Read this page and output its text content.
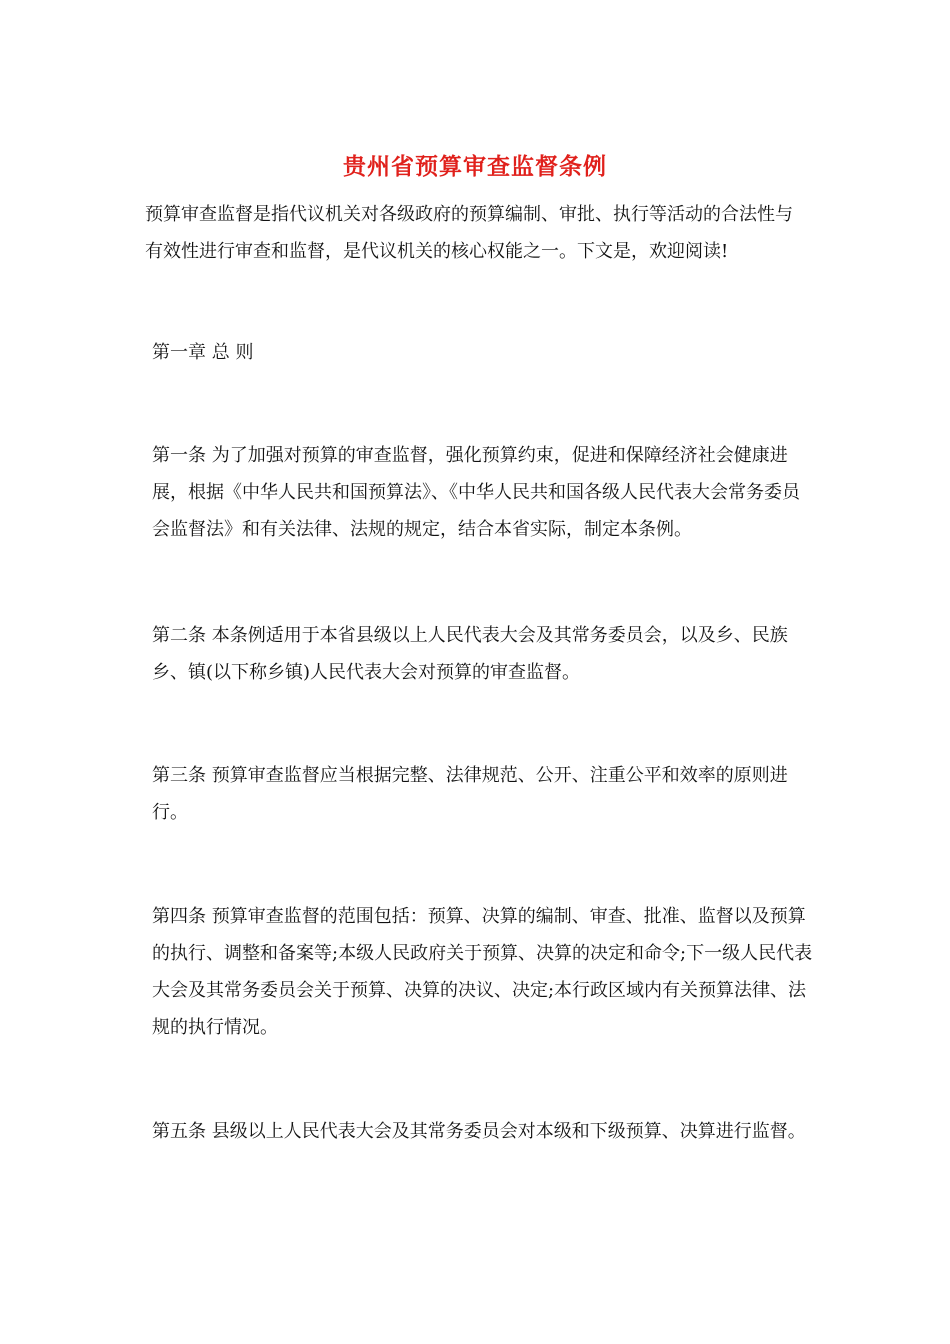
贵州省预算审查监督条例

预算审查监督是指代议机关对各级政府的预算编制、审批、执行等活动的合法性与有效性进行审查和监督，是代议机关的核心权能之一。下文是，欢迎阅读!

第一章 总 则

第一条 为了加强对预算的审查监督，强化预算约束，促进和保障经济社会健康进展，根据《中华人民共和国预算法》、《中华人民共和国各级人民代表大会常务委员会监督法》和有关法律、法规的规定，结合本省实际，制定本条例。

第二条 本条例适用于本省县级以上人民代表大会及其常务委员会，以及乡、民族乡、镇(以下称乡镇)人民代表大会对预算的审查监督。

第三条 预算审查监督应当根据完整、法律规范、公开、注重公平和效率的原则进行。

第四条 预算审查监督的范围包括：预算、决算的编制、审查、批准、监督以及预算的执行、调整和备案等;本级人民政府关于预算、决算的决定和命令;下一级人民代表大会及其常务委员会关于预算、决算的决议、决定;本行政区域内有关预算法律、法规的执行情况。

第五条 县级以上人民代表大会及其常务委员会对本级和下级预算、决算进行监督。
